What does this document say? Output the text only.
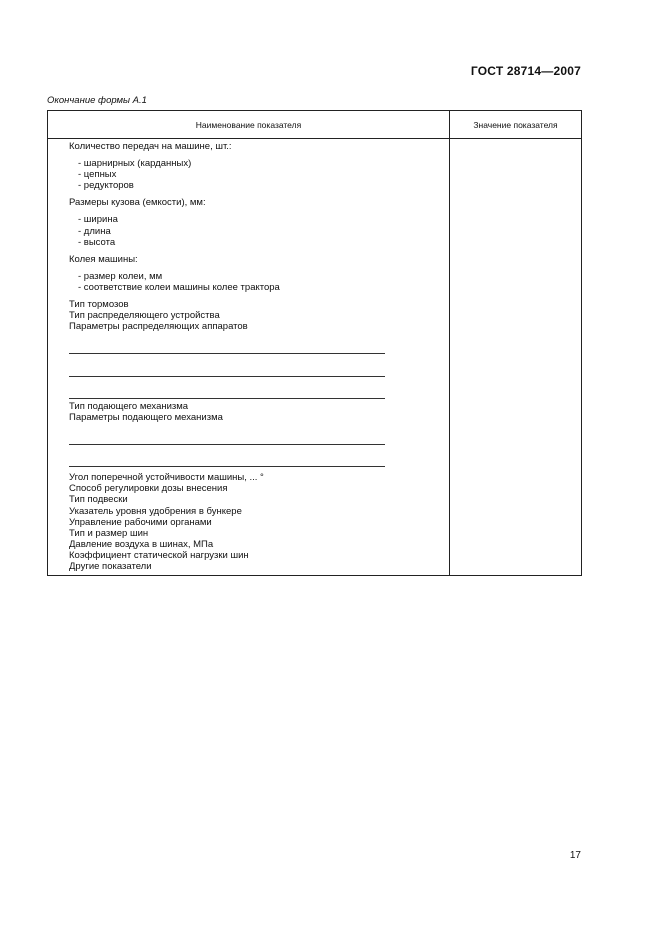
ГОСТ 28714—2007
Окончание формы А.1
Наименование показателя	Значение показателя
Количество передач на машине, шт.:
- шарнирных (карданных)
- цепных
- редукторов
Размеры кузова (емкости), мм:
- ширина
- длина
- высота
Колея машины:
- размер колеи, мм
- соответствие колеи машины колее трактора
Тип тормозов
Тип распределяющего устройства
Параметры распределяющих аппаратов
Тип подающего механизма
Параметры подающего механизма
Угол поперечной устойчивости машины, ... °
Способ регулировки дозы внесения
Тип подвески
Указатель уровня удобрения в бункере
Управление рабочими органами
Тип и размер шин
Давление воздуха в шинах, МПа
Коэффициент статической нагрузки шин
Другие показатели
17
